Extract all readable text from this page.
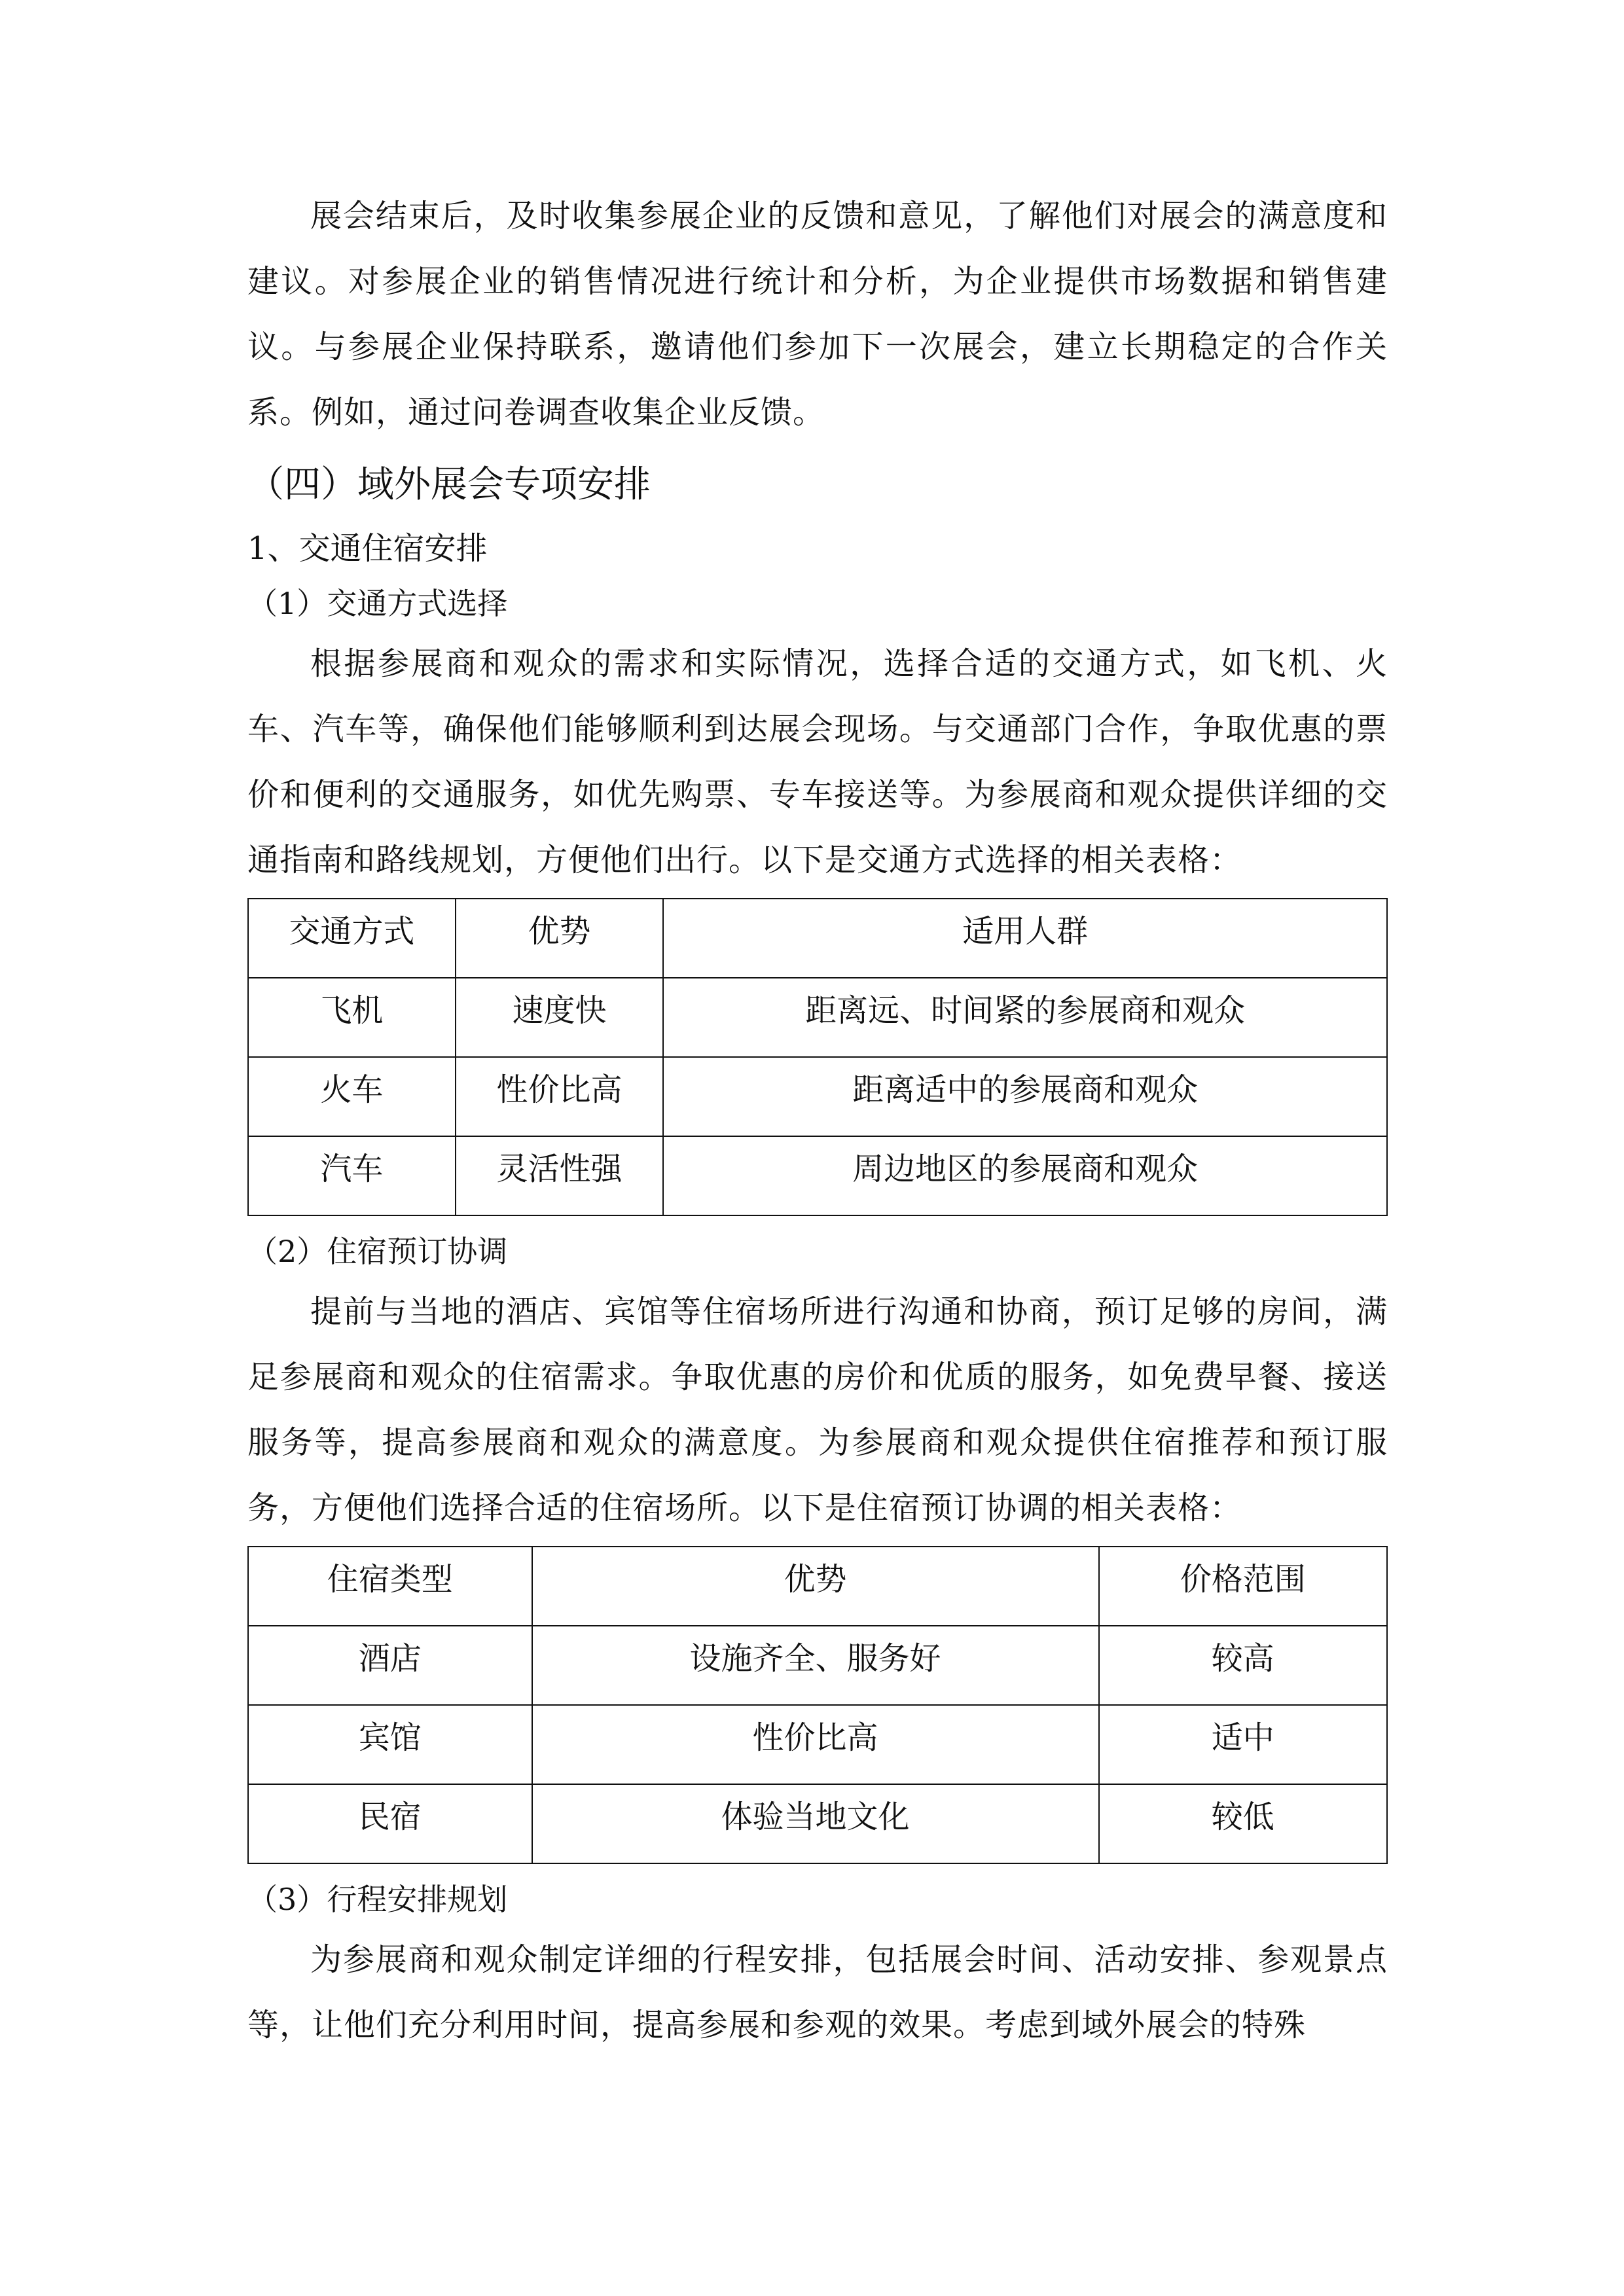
展会结束后，及时收集参展企业的反馈和意见，了解他们对展会的满意度和建议。对参展企业的销售情况进行统计和分析，为企业提供市场数据和销售建议。与参展企业保持联系，邀请他们参加下一次展会，建立长期稳定的合作关系。例如，通过问卷调查收集企业反馈。

（四）域外展会专项安排
1、交通住宿安排
（1）交通方式选择

根据参展商和观众的需求和实际情况，选择合适的交通方式，如飞机、火车、汽车等，确保他们能够顺利到达展会现场。与交通部门合作，争取优惠的票价和便利的交通服务，如优先购票、专车接送等。为参展商和观众提供详细的交通指南和路线规划，方便他们出行。以下是交通方式选择的相关表格：

交通方式	优势	适用人群
飞机	速度快	距离远、时间紧的参展商和观众
火车	性价比高	距离适中的参展商和观众
汽车	灵活性强	周边地区的参展商和观众
（2）住宿预订协调

提前与当地的酒店、宾馆等住宿场所进行沟通和协商，预订足够的房间，满足参展商和观众的住宿需求。争取优惠的房价和优质的服务，如免费早餐、接送服务等，提高参展商和观众的满意度。为参展商和观众提供住宿推荐和预订服务，方便他们选择合适的住宿场所。以下是住宿预订协调的相关表格：

住宿类型	优势	价格范围
酒店	设施齐全、服务好	较高
宾馆	性价比高	适中
民宿	体验当地文化	较低
（3）行程安排规划

为参展商和观众制定详细的行程安排，包括展会时间、活动安排、参观景点等，让他们充分利用时间，提高参展和参观的效果。考虑到域外展会的特殊
